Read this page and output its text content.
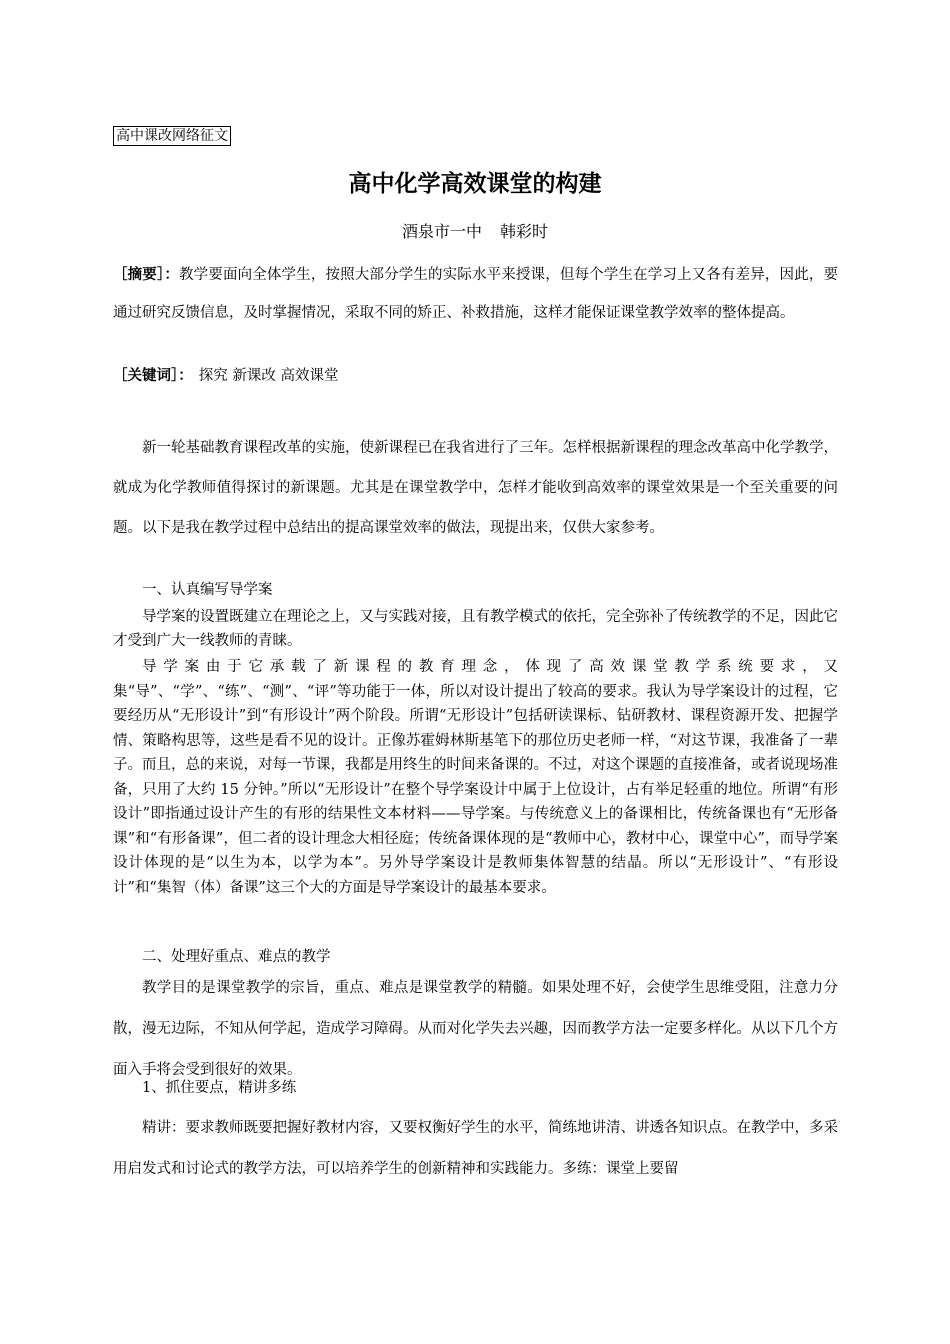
高中课改网络征文
高中化学高效课堂的构建
酒泉市一中 韩彩时
［摘要］：教学要面向全体学生，按照大部分学生的实际水平来授课，但每个学生在学习上又各有差异，因此，要通过研究反馈信息，及时掌握情况，采取不同的矫正、补救措施，这样才能保证课堂教学效率的整体提高。
［关键词］： 探究 新课改 高效课堂

新一轮基础教育课程改革的实施，使新课程已在我省进行了三年。怎样根据新课程的理念改革高中化学教学，就成为化学教师值得探讨的新课题。尤其是在课堂教学中，怎样才能收到高效率的课堂效果是一个至关重要的问题。以下是我在教学过程中总结出的提高课堂效率的做法，现提出来，仅供大家参考。

一、认真编写导学案

导学案的设置既建立在理论之上，又与实践对接，且有教学模式的依托，完全弥补了传统教学的不足，因此它才受到广大一线教师的青睐。

导学案由于它承载了新课程的教育理念，体现了高效课堂教学系统要求，又集“导”、“学”、“练”、“测”、“评”等功能于一体，所以对设计提出了较高的要求。我认为导学案设计的过程，它要经历从“无形设计”到“有形设计”两个阶段。所谓“无形设计”包括研读课标、钻研教材、课程资源开发、把握学情、策略构思等，这些是看不见的设计。正像苏霍姆林斯基笔下的那位历史老师一样，“对这节课，我准备了一辈子。而且，总的来说，对每一节课，我都是用终生的时间来备课的。不过，对这个课题的直接准备，或者说现场准备，只用了大约 15 分钟。”所以“无形设计”在整个导学案设计中属于上位设计，占有举足轻重的地位。所谓“有形设计”即指通过设计产生的有形的结果性文本材料——导学案。与传统意义上的备课相比，传统备课也有“无形备课”和“有形备课”，但二者的设计理念大相径庭；传统备课体现的是“教师中心，教材中心，课堂中心”，而导学案设计体现的是“以生为本，以学为本”。另外导学案设计是教师集体智慧的结晶。所以“无形设计”、“有形设计”和“集智（体）备课”这三个大的方面是导学案设计的最基本要求。

二、处理好重点、难点的教学

教学目的是课堂教学的宗旨，重点、难点是课堂教学的精髓。如果处理不好，会使学生思维受阻，注意力分散，漫无边际，不知从何学起，造成学习障碍。从而对化学失去兴趣，因而教学方法一定要多样化。从以下几个方面入手将会受到很好的效果。

1、抓住要点，精讲多练

精讲：要求教师既要把握好教材内容，又要权衡好学生的水平，简练地讲清、讲透各知识点。在教学中，多采用启发式和讨论式的教学方法，可以培养学生的创新精神和实践能力。多练：课堂上要留
